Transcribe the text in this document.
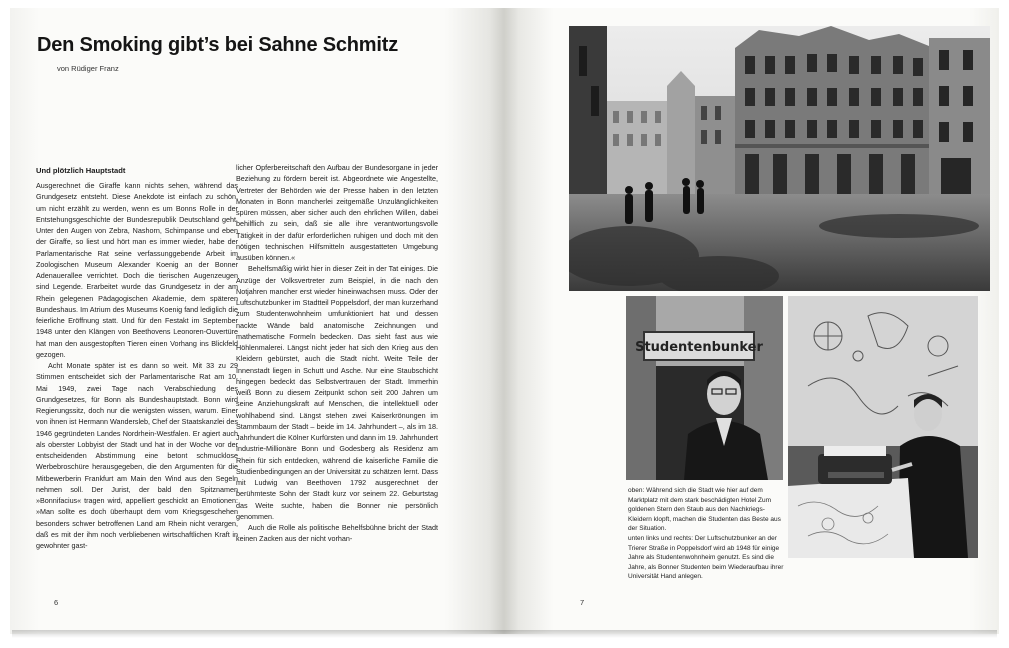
Den Smoking gibt’s bei Sahne Schmitz
von Rüdiger Franz
Und plötzlich Hauptstadt

Ausgerechnet die Giraffe kann nichts sehen, während das Grundgesetz entsteht. Diese Anekdote ist einfach zu schön, um nicht erzählt zu werden, wenn es um Bonns Rolle in der Entstehungsgeschichte der Bundesrepublik Deutschland geht. Unter den Augen von Zebra, Nashorn, Schimpanse und eben der Giraffe, so liest und hört man es immer wieder, habe der Parlamentarische Rat seine verfassunggebende Arbeit im Zoologischen Museum Alexander Koenig an der Bonner Adenauerallee verrichtet. Doch die tierischen Augenzeugen sind Legende. Erarbeitet wurde das Grundgesetz in der am Rhein gelegenen Pädagogischen Akademie, dem späteren Bundeshaus. Im Atrium des Museums Koenig fand lediglich die feierliche Eröffnung statt. Und für den Festakt im September 1948 unter den Klängen von Beethovens Leonoren-Ouvertüre hat man den ausgestopften Tieren einen Vorhang ins Blickfeld gezogen.

Acht Monate später ist es dann so weit. Mit 33 zu 29 Stimmen entscheidet sich der Parlamentarische Rat am 10. Mai 1949, zwei Tage nach Verabschiedung des Grundgesetzes, für Bonn als Bundeshauptstadt. Bonn wird Regierungssitz, doch nur die wenigsten wissen, warum. Einer von ihnen ist Hermann Wandersleb, Chef der Staatskanzlei des 1946 gegründeten Landes Nordrhein-Westfalen. Er agiert auch als oberster Lobbyist der Stadt und hat in der Woche vor der entscheidenden Abstimmung eine betont schmucklose Werbebroschüre herausgegeben, die den Argumenten für die Mitbewerberin Frankfurt am Main den Wind aus den Segeln nehmen soll. Der Jurist, der bald den Spitznamen »Bonnifacius« tragen wird, appelliert geschickt an Emotionen: »Man sollte es doch überhaupt dem vom Kriegsgeschehen besonders schwer betroffenen Land am Rhein nicht verargen, daß es mit der ihm noch verbliebenen wirtschaftlichen Kraft in gewohnter gast-

licher Opferbereitschaft den Aufbau der Bundesorgane in jeder Beziehung zu fördern bereit ist. Abgeordnete wie Angestellte, Vertreter der Behörden wie der Presse haben in den letzten Monaten in Bonn mancherlei zeitgemäße Unzulänglichkeiten spüren müssen, aber sicher auch den ehrlichen Willen, dabei behilflich zu sein, daß sie alle ihre verantwortungsvolle Tätigkeit in der dafür erforderlichen ruhigen und doch mit den nötigen technischen Hilfsmitteln ausgestatteten Umgebung ausüben können.«

Behelfsmäßig wirkt hier in dieser Zeit in der Tat einiges. Die Anzüge der Volksvertreter zum Beispiel, in die nach den Notjahren mancher erst wieder hineinwachsen muss. Oder der Luftschutzbunker im Stadtteil Poppelsdorf, der man kurzerhand zum Studentenwohnheim umfunktioniert hat und dessen nackte Wände bald anatomische Zeichnungen und mathematische Formeln bedecken. Das sieht fast aus wie Höhlenmalerei. Längst nicht jeder hat sich den Krieg aus den Kleidern gebürstet, auch die Stadt nicht. Weite Teile der Innenstadt liegen in Schutt und Asche. Nur eine Staubschicht hingegen bedeckt das Selbstvertrauen der Stadt. Immerhin weiß Bonn zu diesem Zeitpunkt schon seit 200 Jahren um seine Anziehungskraft auf Menschen, die intellektuell oder wohlhabend sind. Längst stehen zwei Kaiserkrönungen im Stammbaum der Stadt – beide im 14. Jahrhundert –, als im 18. Jahrhundert die Kölner Kurfürsten und dann im 19. Jahrhundert Industrie-Millionäre Bonn und Godesberg als Residenz am Rhein für sich entdecken, während die kaiserliche Familie die Studienbedingungen an der Universität zu schätzen lernt. Dass mit Ludwig van Beethoven 1792 ausgerechnet der berühmteste Sohn der Stadt kurz vor seinem 22. Geburtstag das Weite suchte, haben die Bonner nie persönlich genommen.

Auch die Rolle als politische Behelfsbühne bricht der Stadt keinen Zacken aus der nicht vorhan-

6
Studentenbunker

oben: Während sich die Stadt wie hier auf dem Marktplatz mit dem stark beschädigten Hotel Zum goldenen Stern den Staub aus den Nachkriegs-Kleidern klopft, machen die Studenten das Beste aus der Situation.

unten links und rechts: Der Luftschutzbunker an der Trierer Straße in Poppelsdorf wird ab 1948 für einige Jahre als Studentenwohnheim genutzt. Es sind die Jahre, als Bonner Studenten beim Wiederaufbau ihrer Universität Hand anlegen.

7
